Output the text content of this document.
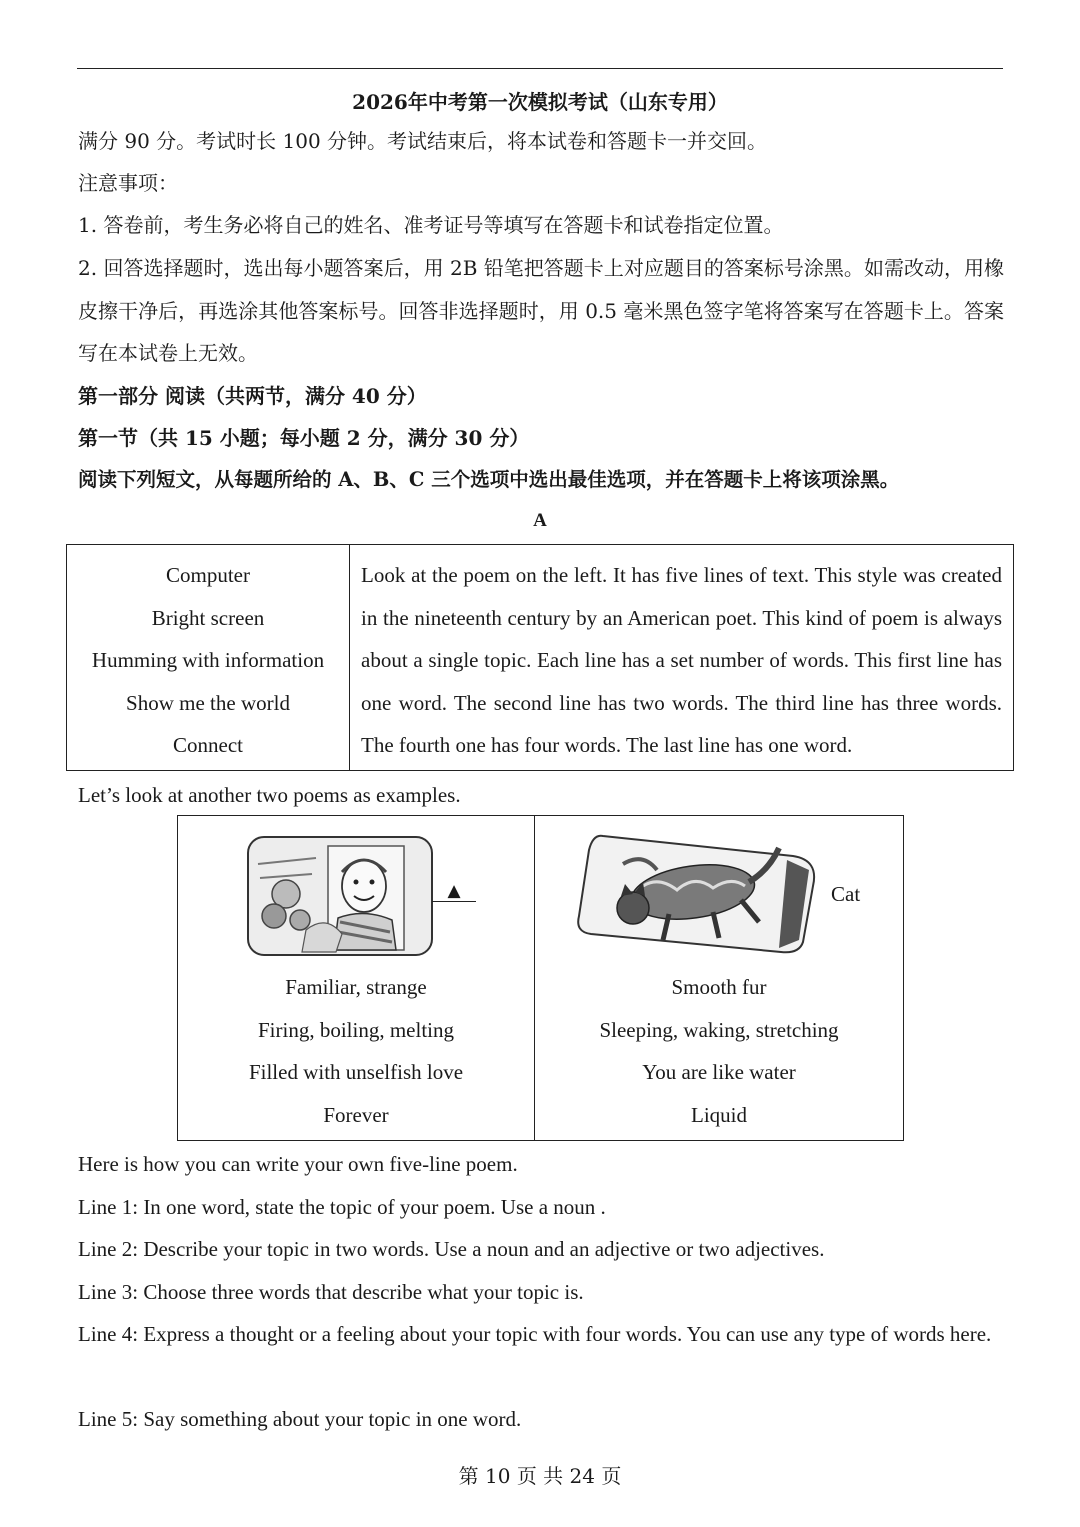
2026年中考第一次模拟考试（山东专用）
满分 90 分。考试时长 100 分钟。考试结束后，将本试卷和答题卡一并交回。
注意事项：
1. 答卷前，考生务必将自己的姓名、准考证号等填写在答题卡和试卷指定位置。
2. 回答选择题时，选出每小题答案后，用 2B 铅笔把答题卡上对应题目的答案标号涂黑。如需改动，用橡皮擦干净后，再选涂其他答案标号。回答非选择题时，用 0.5 毫米黑色签字笔将答案写在答题卡上。答案写在本试卷上无效。
第一部分 阅读（共两节，满分 40 分）
第一节（共 15 小题；每小题 2 分，满分 30 分）
阅读下列短文，从每题所给的 A、B、C 三个选项中选出最佳选项，并在答题卡上将该项涂黑。
A
Computer
Bright screen
Humming with information
Show me the world
Connect
Look at the poem on the left. It has five lines of text. This style was created in the nineteenth century by an American poet. This kind of poem is always about a single topic. Each line has a set number of words. This first line has one word. The second line has two words. The third line has three words. The fourth one has four words. The last line has one word.
Let’s look at another two poems as examples.
▲
Familiar, strange
Firing, boiling, melting
Filled with unselfish love
Forever
Cat
Smooth fur
Sleeping, waking, stretching
You are like water
Liquid
Here is how you can write your own five-line poem.
Line 1: In one word, state the topic of your poem. Use a noun .
Line 2: Describe your topic in two words. Use a noun and an adjective or two adjectives.
Line 3: Choose three words that describe what your topic is.
Line 4: Express a thought or a feeling about your topic with four words. You can use any type of words here.
Line 5: Say something about your topic in one word.
第 10 页 共 24 页
